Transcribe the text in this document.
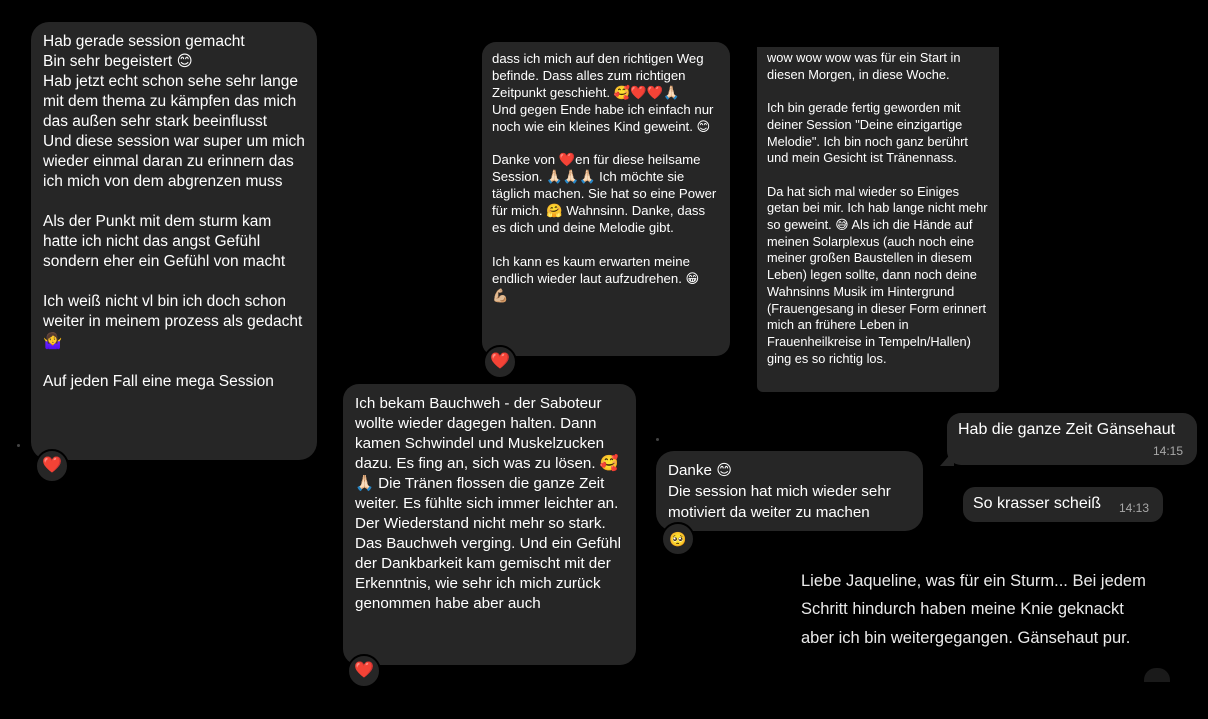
Hab gerade session gemacht
Bin sehr begeistert 😊
Hab jetzt echt schon sehe sehr lange mit dem thema zu kämpfen das mich das außen sehr stark beeinflusst
Und diese session war super um mich wieder einmal daran zu erinnern das ich mich von dem abgrenzen muss

Als der Punkt mit dem sturm kam hatte ich nicht das angst Gefühl sondern eher ein Gefühl von macht

Ich weiß nicht vl bin ich doch schon weiter in meinem prozess als gedacht 🤷‍♀️

Auf jeden Fall eine mega Session
❤️
dass ich mich auf den richtigen Weg befinde. Dass alles zum richtigen Zeitpunkt geschieht. 🥰❤️❤️🙏🏻
Und gegen Ende habe ich einfach nur noch wie ein kleines Kind geweint. 😊

Danke von ❤️en für diese heilsame Session. 🙏🏻🙏🏻🙏🏻 Ich möchte sie täglich machen. Sie hat so eine Power für mich. 🤗 Wahnsinn. Danke, dass es dich und deine Melodie gibt.

Ich kann es kaum erwarten meine endlich wieder laut aufzudrehen. 😁
💪🏼
❤️
wow wow wow was für ein Start in diesen Morgen, in diese Woche.

Ich bin gerade fertig geworden mit deiner Session "Deine einzigartige Melodie". Ich bin noch ganz berührt und mein Gesicht ist Tränennass.

Da hat sich mal wieder so Einiges getan bei mir. Ich hab lange nicht mehr so geweint. 😅 Als ich die Hände auf meinen Solarplexus (auch noch eine meiner großen Baustellen in diesem Leben) legen sollte, dann noch deine Wahnsinns Musik im Hintergrund (Frauengesang in dieser Form erinnert mich an frühere Leben in Frauenheilkreise in Tempeln/Hallen) ging es so richtig los.
Ich bekam Bauchweh - der Saboteur wollte wieder dagegen halten. Dann kamen Schwindel und Muskelzucken dazu. Es fing an, sich was zu lösen. 🥰🙏🏻 Die Tränen flossen die ganze Zeit weiter. Es fühlte sich immer leichter an. Der Wiederstand nicht mehr so stark. Das Bauchweh verging. Und ein Gefühl der Dankbarkeit kam gemischt mit der Erkenntnis, wie sehr ich mich zurück genommen habe aber auch
❤️
Danke 😊
Die session hat mich wieder sehr motiviert da weiter zu machen
🥺
Hab die ganze Zeit Gänsehaut
14:15
So krasser scheiß 14:13
Liebe Jaqueline, was für ein Sturm... Bei jedem Schritt hindurch haben meine Knie geknackt aber ich bin weitergegangen. Gänsehaut pur.
